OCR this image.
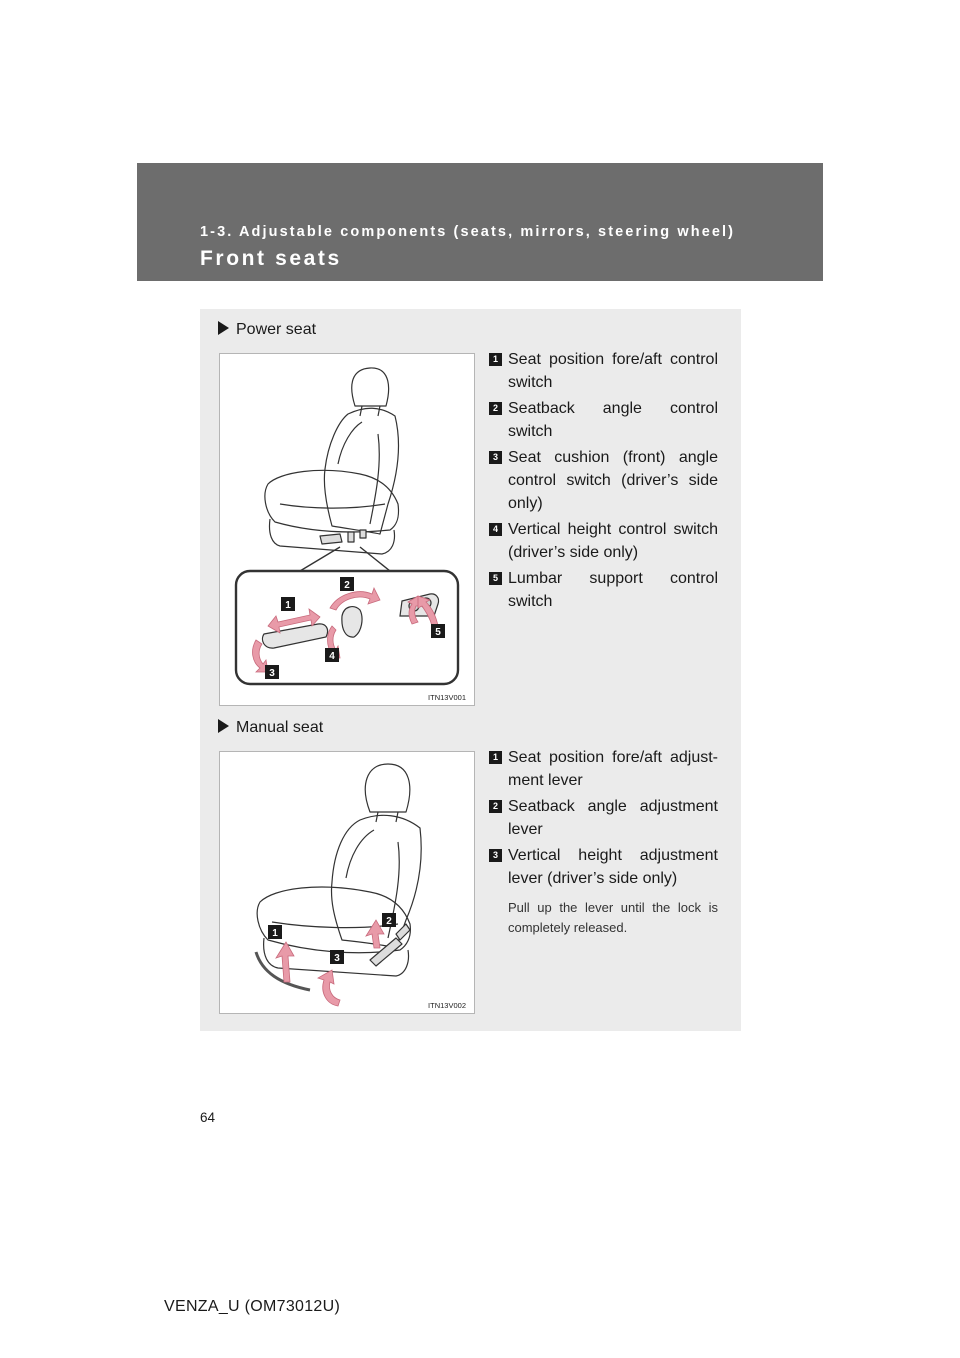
1-3. Adjustable components (seats, mirrors, steering wheel)
Front seats
Power seat
1
2
3
4
5
ITN13V001
1 Seat position fore/aft control switch
2 Seatback angle control switch
3 Seat cushion (front) angle control switch (driver’s side only)
4 Vertical height control switch (driver’s side only)
5 Lumbar support control switch
Manual seat
1
2
3
ITN13V002
1 Seat position fore/aft adjust-ment lever
2 Seatback angle adjustment lever
3 Vertical height adjustment lever (driver’s side only)
Pull up the lever until the lock is completely released.
64
VENZA_U (OM73012U)
